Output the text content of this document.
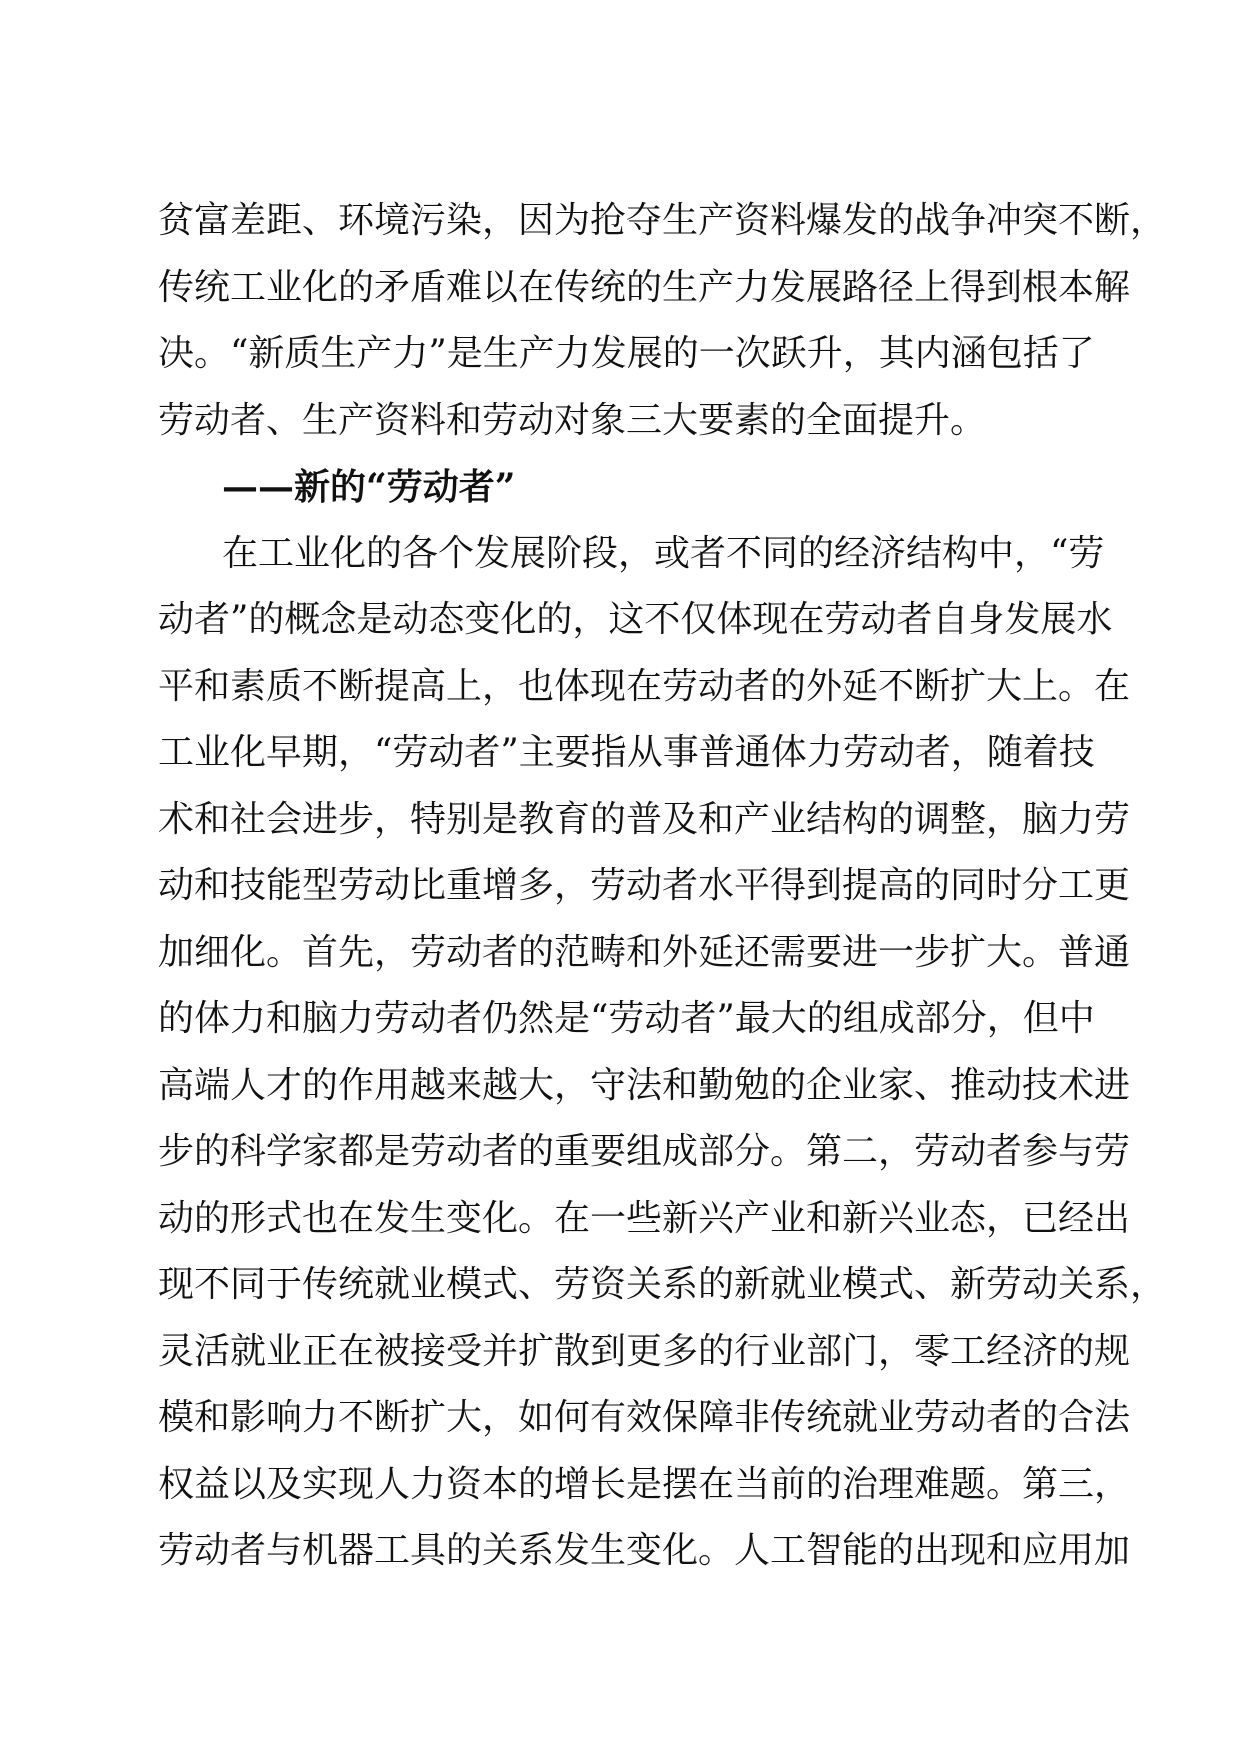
贫富差距、环境污染，因为抢夺生产资料爆发的战争冲突不断，
传统工业化的矛盾难以在传统的生产力发展路径上得到根本解
决。“新质生产力”是生产力发展的一次跃升，其内涵包括了
劳动者、生产资料和劳动对象三大要素的全面提升。
——新的“劳动者”
在工业化的各个发展阶段，或者不同的经济结构中，“劳
动者”的概念是动态变化的，这不仅体现在劳动者自身发展水
平和素质不断提高上，也体现在劳动者的外延不断扩大上。在
工业化早期，“劳动者”主要指从事普通体力劳动者，随着技
术和社会进步，特别是教育的普及和产业结构的调整，脑力劳
动和技能型劳动比重增多，劳动者水平得到提高的同时分工更
加细化。首先，劳动者的范畴和外延还需要进一步扩大。普通
的体力和脑力劳动者仍然是“劳动者”最大的组成部分，但中
高端人才的作用越来越大，守法和勤勉的企业家、推动技术进
步的科学家都是劳动者的重要组成部分。第二，劳动者参与劳
动的形式也在发生变化。在一些新兴产业和新兴业态，已经出
现不同于传统就业模式、劳资关系的新就业模式、新劳动关系，
灵活就业正在被接受并扩散到更多的行业部门，零工经济的规
模和影响力不断扩大，如何有效保障非传统就业劳动者的合法
权益以及实现人力资本的增长是摆在当前的治理难题。第三，
劳动者与机器工具的关系发生变化。人工智能的出现和应用加
